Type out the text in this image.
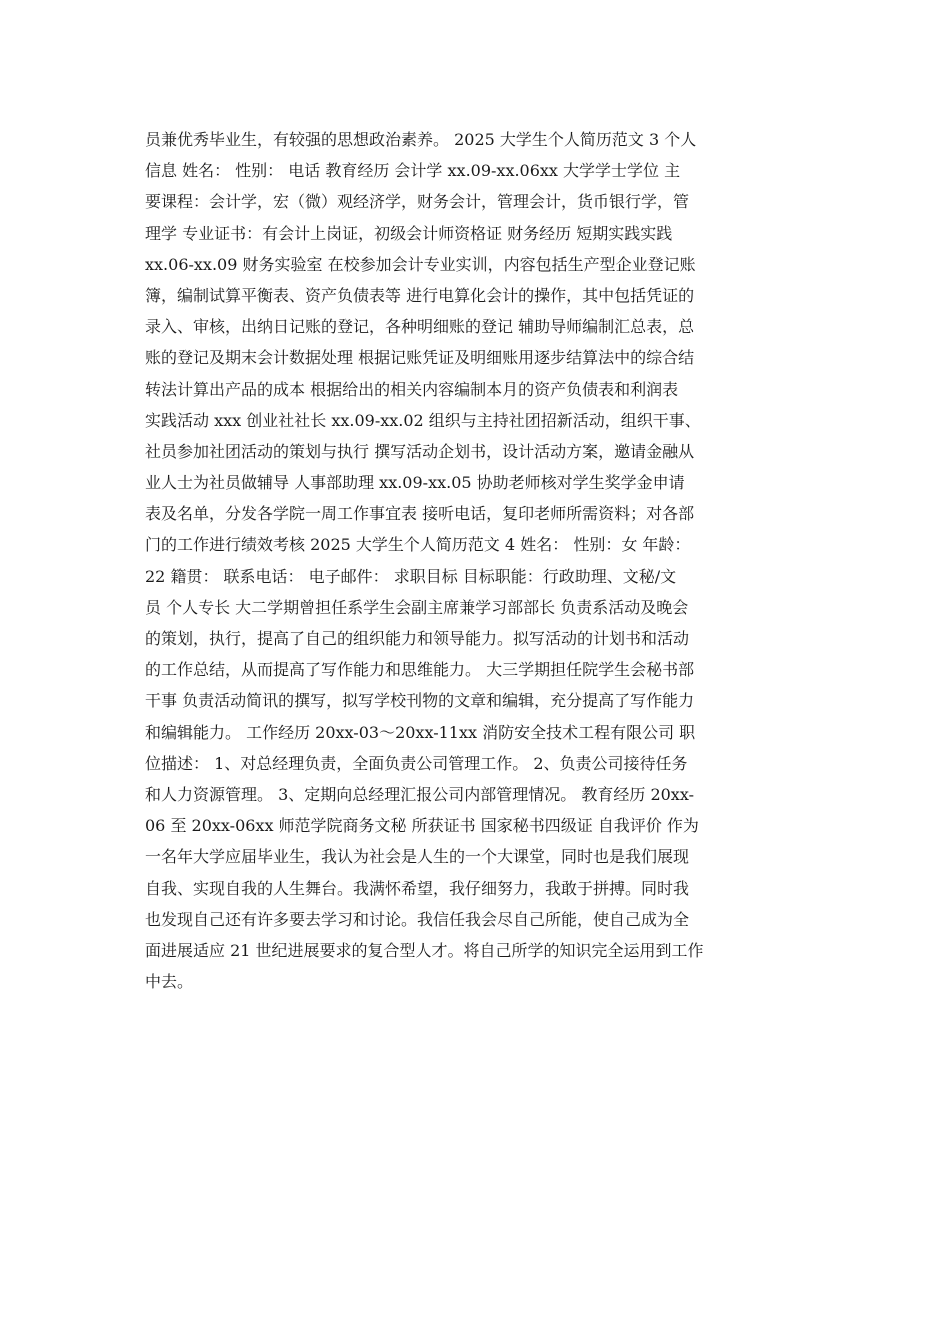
员兼优秀毕业生，有较强的思想政治素养。 2025 大学生个人简历范文 3 个人
信息 姓名： 性别： 电话 教育经历 会计学 xx.09-xx.06xx 大学学士学位 主
要课程：会计学，宏（微）观经济学，财务会计，管理会计，货币银行学，管
理学 专业证书：有会计上岗证，初级会计师资格证 财务经历 短期实践实践
xx.06-xx.09 财务实验室 在校参加会计专业实训，内容包括生产型企业登记账
簿，编制试算平衡表、资产负债表等 进行电算化会计的操作，其中包括凭证的
录入、审核，出纳日记账的登记，各种明细账的登记 辅助导师编制汇总表，总
账的登记及期末会计数据处理 根据记账凭证及明细账用逐步结算法中的综合结
转法计算出产品的成本 根据给出的相关内容编制本月的资产负债表和利润表
实践活动 xxx 创业社社长 xx.09-xx.02 组织与主持社团招新活动，组织干事、
社员参加社团活动的策划与执行 撰写活动企划书，设计活动方案，邀请金融从
业人士为社员做辅导 人事部助理 xx.09-xx.05 协助老师核对学生奖学金申请
表及名单，分发各学院一周工作事宜表 接听电话，复印老师所需资料；对各部
门的工作进行绩效考核 2025 大学生个人简历范文 4 姓名： 性别：女 年龄：
22 籍贯： 联系电话： 电子邮件： 求职目标 目标职能：行政助理、文秘/文
员 个人专长 大二学期曾担任系学生会副主席兼学习部部长 负责系活动及晚会
的策划，执行，提高了自己的组织能力和领导能力。拟写活动的计划书和活动
的工作总结，从而提高了写作能力和思维能力。 大三学期担任院学生会秘书部
干事 负责活动简讯的撰写，拟写学校刊物的文章和编辑，充分提高了写作能力
和编辑能力。 工作经历 20xx-03～20xx-11xx 消防安全技术工程有限公司 职
位描述： 1、对总经理负责，全面负责公司管理工作。 2、负责公司接待任务
和人力资源管理。 3、定期向总经理汇报公司内部管理情况。 教育经历 20xx-
06 至 20xx-06xx 师范学院商务文秘 所获证书 国家秘书四级证 自我评价 作为
一名年大学应届毕业生，我认为社会是人生的一个大课堂，同时也是我们展现
自我、实现自我的人生舞台。我满怀希望，我仔细努力，我敢于拼搏。同时我
也发现自己还有许多要去学习和讨论。我信任我会尽自己所能，使自己成为全
面进展适应 21 世纪进展要求的复合型人才。将自己所学的知识完全运用到工作
中去。
